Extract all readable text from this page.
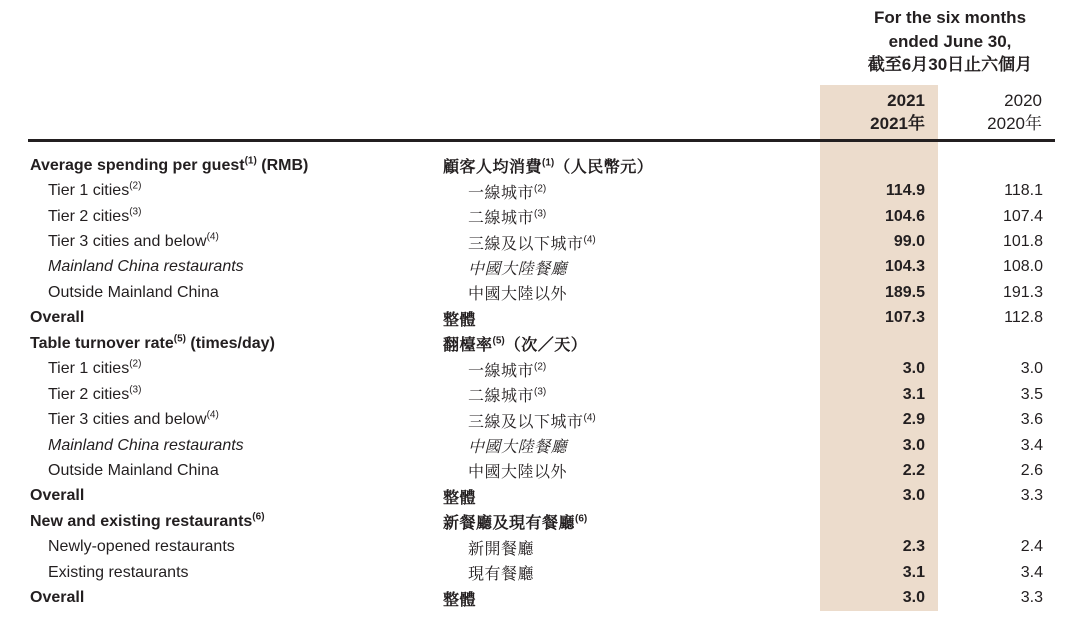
For the six months
ended June 30,
截至6月30日止六個月
2021
2021年
2020
2020年
Average spending per guest$^{(1)}$ (RMB)	顧客人均消費$^{(1)}$（人民幣元）
Tier 1 cities$^{(2)}$	一線城市$^{(2)}$	114.9	118.1
Tier 2 cities$^{(3)}$	二線城市$^{(3)}$	104.6	107.4
Tier 3 cities and below$^{(4)}$	三線及以下城市$^{(4)}$	99.0	101.8
Mainland China restaurants	中國大陸餐廳	104.3	108.0
Outside Mainland China	中國大陸以外	189.5	191.3
Overall	整體	107.3	112.8
Table turnover rate$^{(5)}$ (times/day)	翻檯率$^{(5)}$（次／天）
Tier 1 cities$^{(2)}$	一線城市$^{(2)}$	3.0	3.0
Tier 2 cities$^{(3)}$	二線城市$^{(3)}$	3.1	3.5
Tier 3 cities and below$^{(4)}$	三線及以下城市$^{(4)}$	2.9	3.6
Mainland China restaurants	中國大陸餐廳	3.0	3.4
Outside Mainland China	中國大陸以外	2.2	2.6
Overall	整體	3.0	3.3
New and existing restaurants$^{(6)}$	新餐廳及現有餐廳$^{(6)}$
Newly-opened restaurants	新開餐廳	2.3	2.4
Existing restaurants	現有餐廳	3.1	3.4
Overall	整體	3.0	3.3
